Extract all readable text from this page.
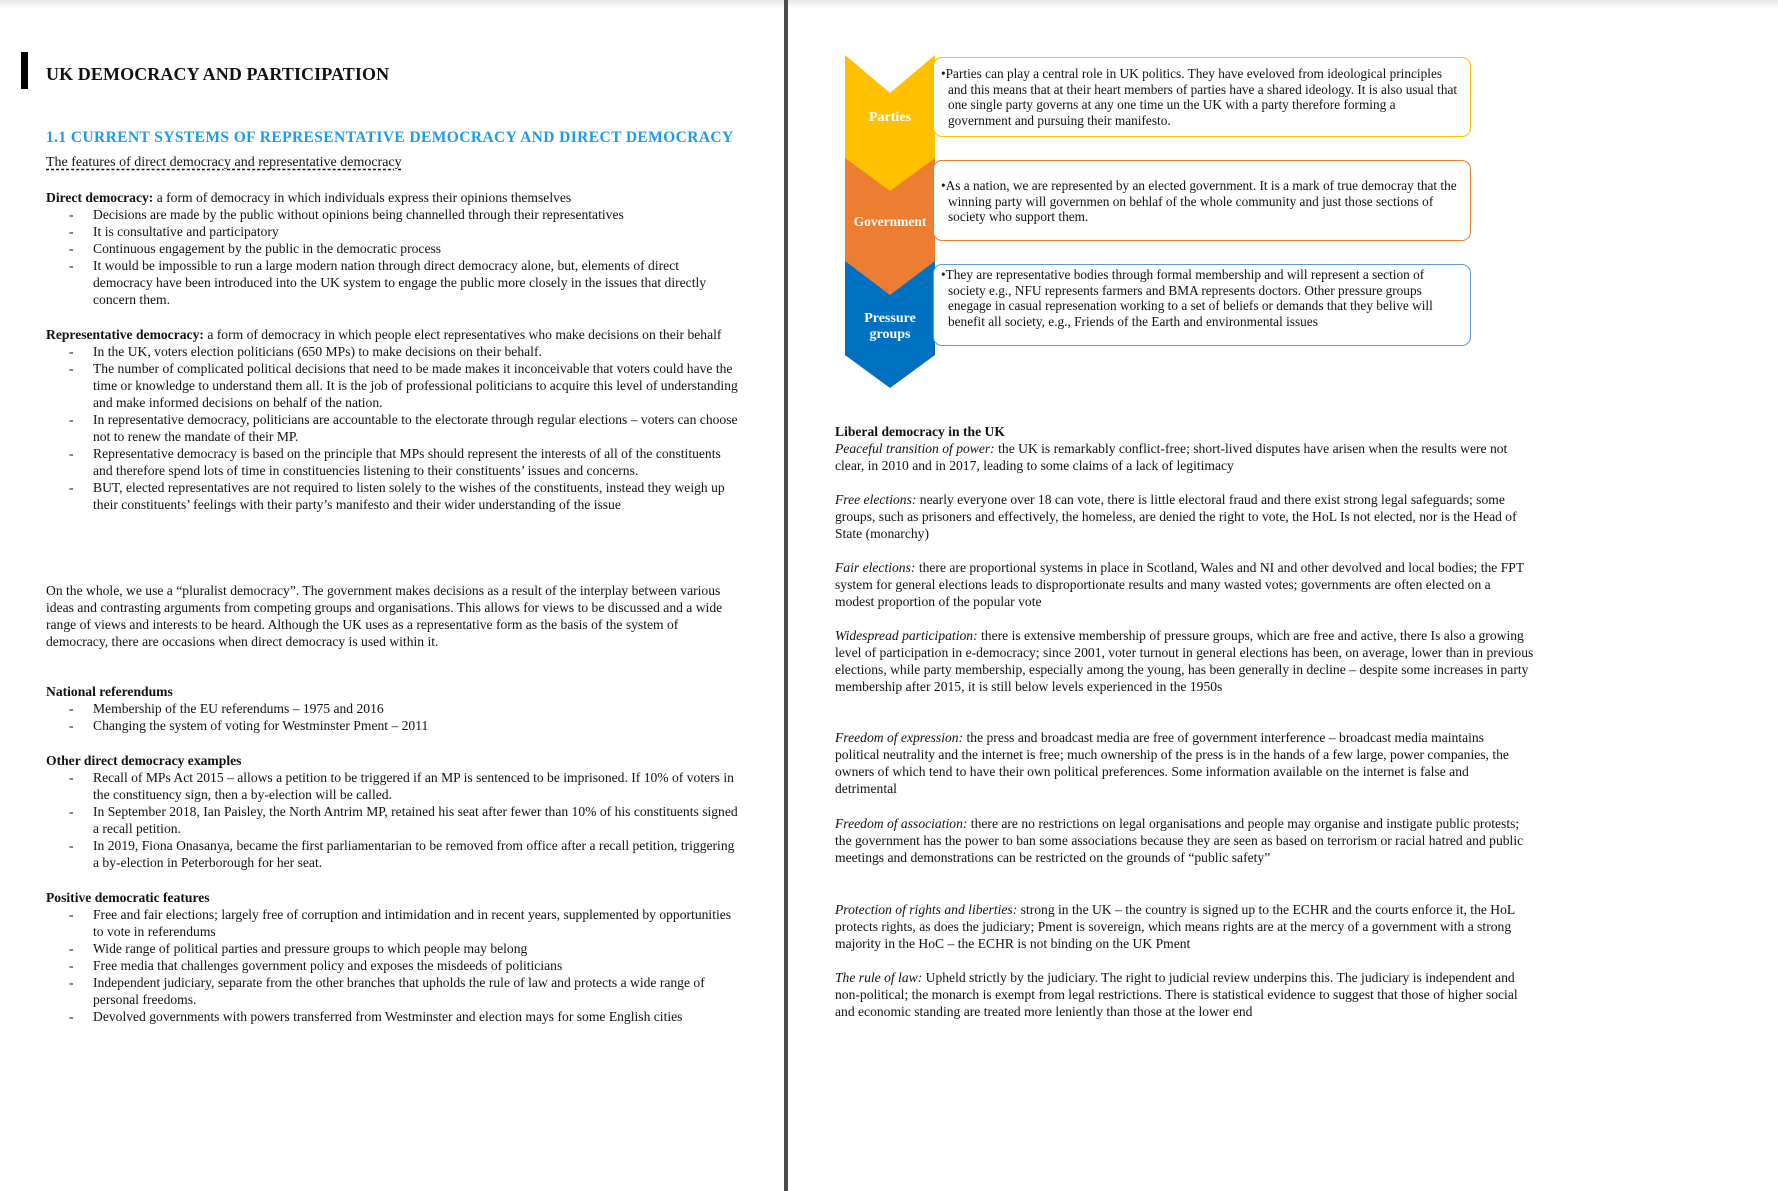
UK DEMOCRACY AND PARTICIPATION
1.1 CURRENT SYSTEMS OF REPRESENTATIVE DEMOCRACY AND DIRECT DEMOCRACY
The features of direct democracy and representative democracy

Direct democracy: a form of democracy in which individuals express their opinions themselves

- Decisions are made by the public without opinions being channelled through their representatives
- It is consultative and participatory
- Continuous engagement by the public in the democratic process
- It would be impossible to run a large modern nation through direct democracy alone, but, elements of direct democracy have been introduced into the UK system to engage the public more closely in the issues that directly concern them.

Representative democracy: a form of democracy in which people elect representatives who make decisions on their behalf

- In the UK, voters election politicians (650 MPs) to make decisions on their behalf.
- The number of complicated political decisions that need to be made makes it inconceivable that voters could have the time or knowledge to understand them all. It is the job of professional politicians to acquire this level of understanding and make informed decisions on behalf of the nation.
- In representative democracy, politicians are accountable to the electorate through regular elections – voters can choose not to renew the mandate of their MP.
- Representative democracy is based on the principle that MPs should represent the interests of all of the constituents and therefore spend lots of time in constituencies listening to their constituents’ issues and concerns.
- BUT, elected representatives are not required to listen solely to the wishes of the constituents, instead they weigh up their constituents’ feelings with their party’s manifesto and their wider understanding of the issue

On the whole, we use a “pluralist democracy”. The government makes decisions as a result of the interplay between various ideas and contrasting arguments from competing groups and organisations. This allows for views to be discussed and a wide range of views and interests to be heard. Although the UK uses as a representative form as the basis of the system of democracy, there are occasions when direct democracy is used within it.

National referendums

- Membership of the EU referendums – 1975 and 2016
- Changing the system of voting for Westminster Pment – 2011

Other direct democracy examples

- Recall of MPs Act 2015 – allows a petition to be triggered if an MP is sentenced to be imprisoned. If 10% of voters in the constituency sign, then a by-election will be called.
- In September 2018, Ian Paisley, the North Antrim MP, retained his seat after fewer than 10% of his constituents signed a recall petition.
- In 2019, Fiona Onasanya, became the first parliamentarian to be removed from office after a recall petition, triggering a by-election in Peterborough for her seat.

Positive democratic features

- Free and fair elections; largely free of corruption and intimidation and in recent years, supplemented by opportunities to vote in referendums
- Wide range of political parties and pressure groups to which people may belong
- Free media that challenges government policy and exposes the misdeeds of politicians
- Independent judiciary, separate from the other branches that upholds the rule of law and protects a wide range of personal freedoms.
- Devolved governments with powers transferred from Westminster and election mays for some English cities
Parties
Government
Pressure
groups

•Parties can play a central role in UK politics. They have eveloved from ideological principles and this means that at their heart members of parties have a shared ideology. It is also usual that one single party governs at any one time un the UK with a party therefore forming a government and pursuing their manifesto.

•As a nation, we are represented by an elected government. It is a mark of true democray that the winning party will governmen on behlaf of the whole community and just those sections of society who support them.

•They are representative bodies through formal membership and will represent a section of society e.g., NFU represents farmers and BMA represents doctors. Other pressure groups enegage in casual represenation working to a set of beliefs or demands that they belive will benefit all society, e.g., Friends of the Earth and environmental issues

Liberal democracy in the UK

Peaceful transition of power: the UK is remarkably conflict-free; short-lived disputes have arisen when the results were not clear, in 2010 and in 2017, leading to some claims of a lack of legitimacy

Free elections: nearly everyone over 18 can vote, there is little electoral fraud and there exist strong legal safeguards; some groups, such as prisoners and effectively, the homeless, are denied the right to vote, the HoL Is not elected, nor is the Head of State (monarchy)

Fair elections: there are proportional systems in place in Scotland, Wales and NI and other devolved and local bodies; the FPT system for general elections leads to disproportionate results and many wasted votes; governments are often elected on a modest proportion of the popular vote

Widespread participation: there is extensive membership of pressure groups, which are free and active, there Is also a growing level of participation in e-democracy; since 2001, voter turnout in general elections has been, on average, lower than in previous elections, while party membership, especially among the young, has been generally in decline – despite some increases in party membership after 2015, it is still below levels experienced in the 1950s

Freedom of expression: the press and broadcast media are free of government interference – broadcast media maintains political neutrality and the internet is free; much ownership of the press is in the hands of a few large, power companies, the owners of which tend to have their own political preferences. Some information available on the internet is false and detrimental

Freedom of association: there are no restrictions on legal organisations and people may organise and instigate public protests; the government has the power to ban some associations because they are seen as based on terrorism or racial hatred and public meetings and demonstrations can be restricted on the grounds of “public safety”

Protection of rights and liberties: strong in the UK – the country is signed up to the ECHR and the courts enforce it, the HoL protects rights, as does the judiciary; Pment is sovereign, which means rights are at the mercy of a government with a strong majority in the HoC – the ECHR is not binding on the UK Pment

The rule of law: Upheld strictly by the judiciary. The right to judicial review underpins this. The judiciary is independent and non-political; the monarch is exempt from legal restrictions. There is statistical evidence to suggest that those of higher social and economic standing are treated more leniently than those at the lower end
